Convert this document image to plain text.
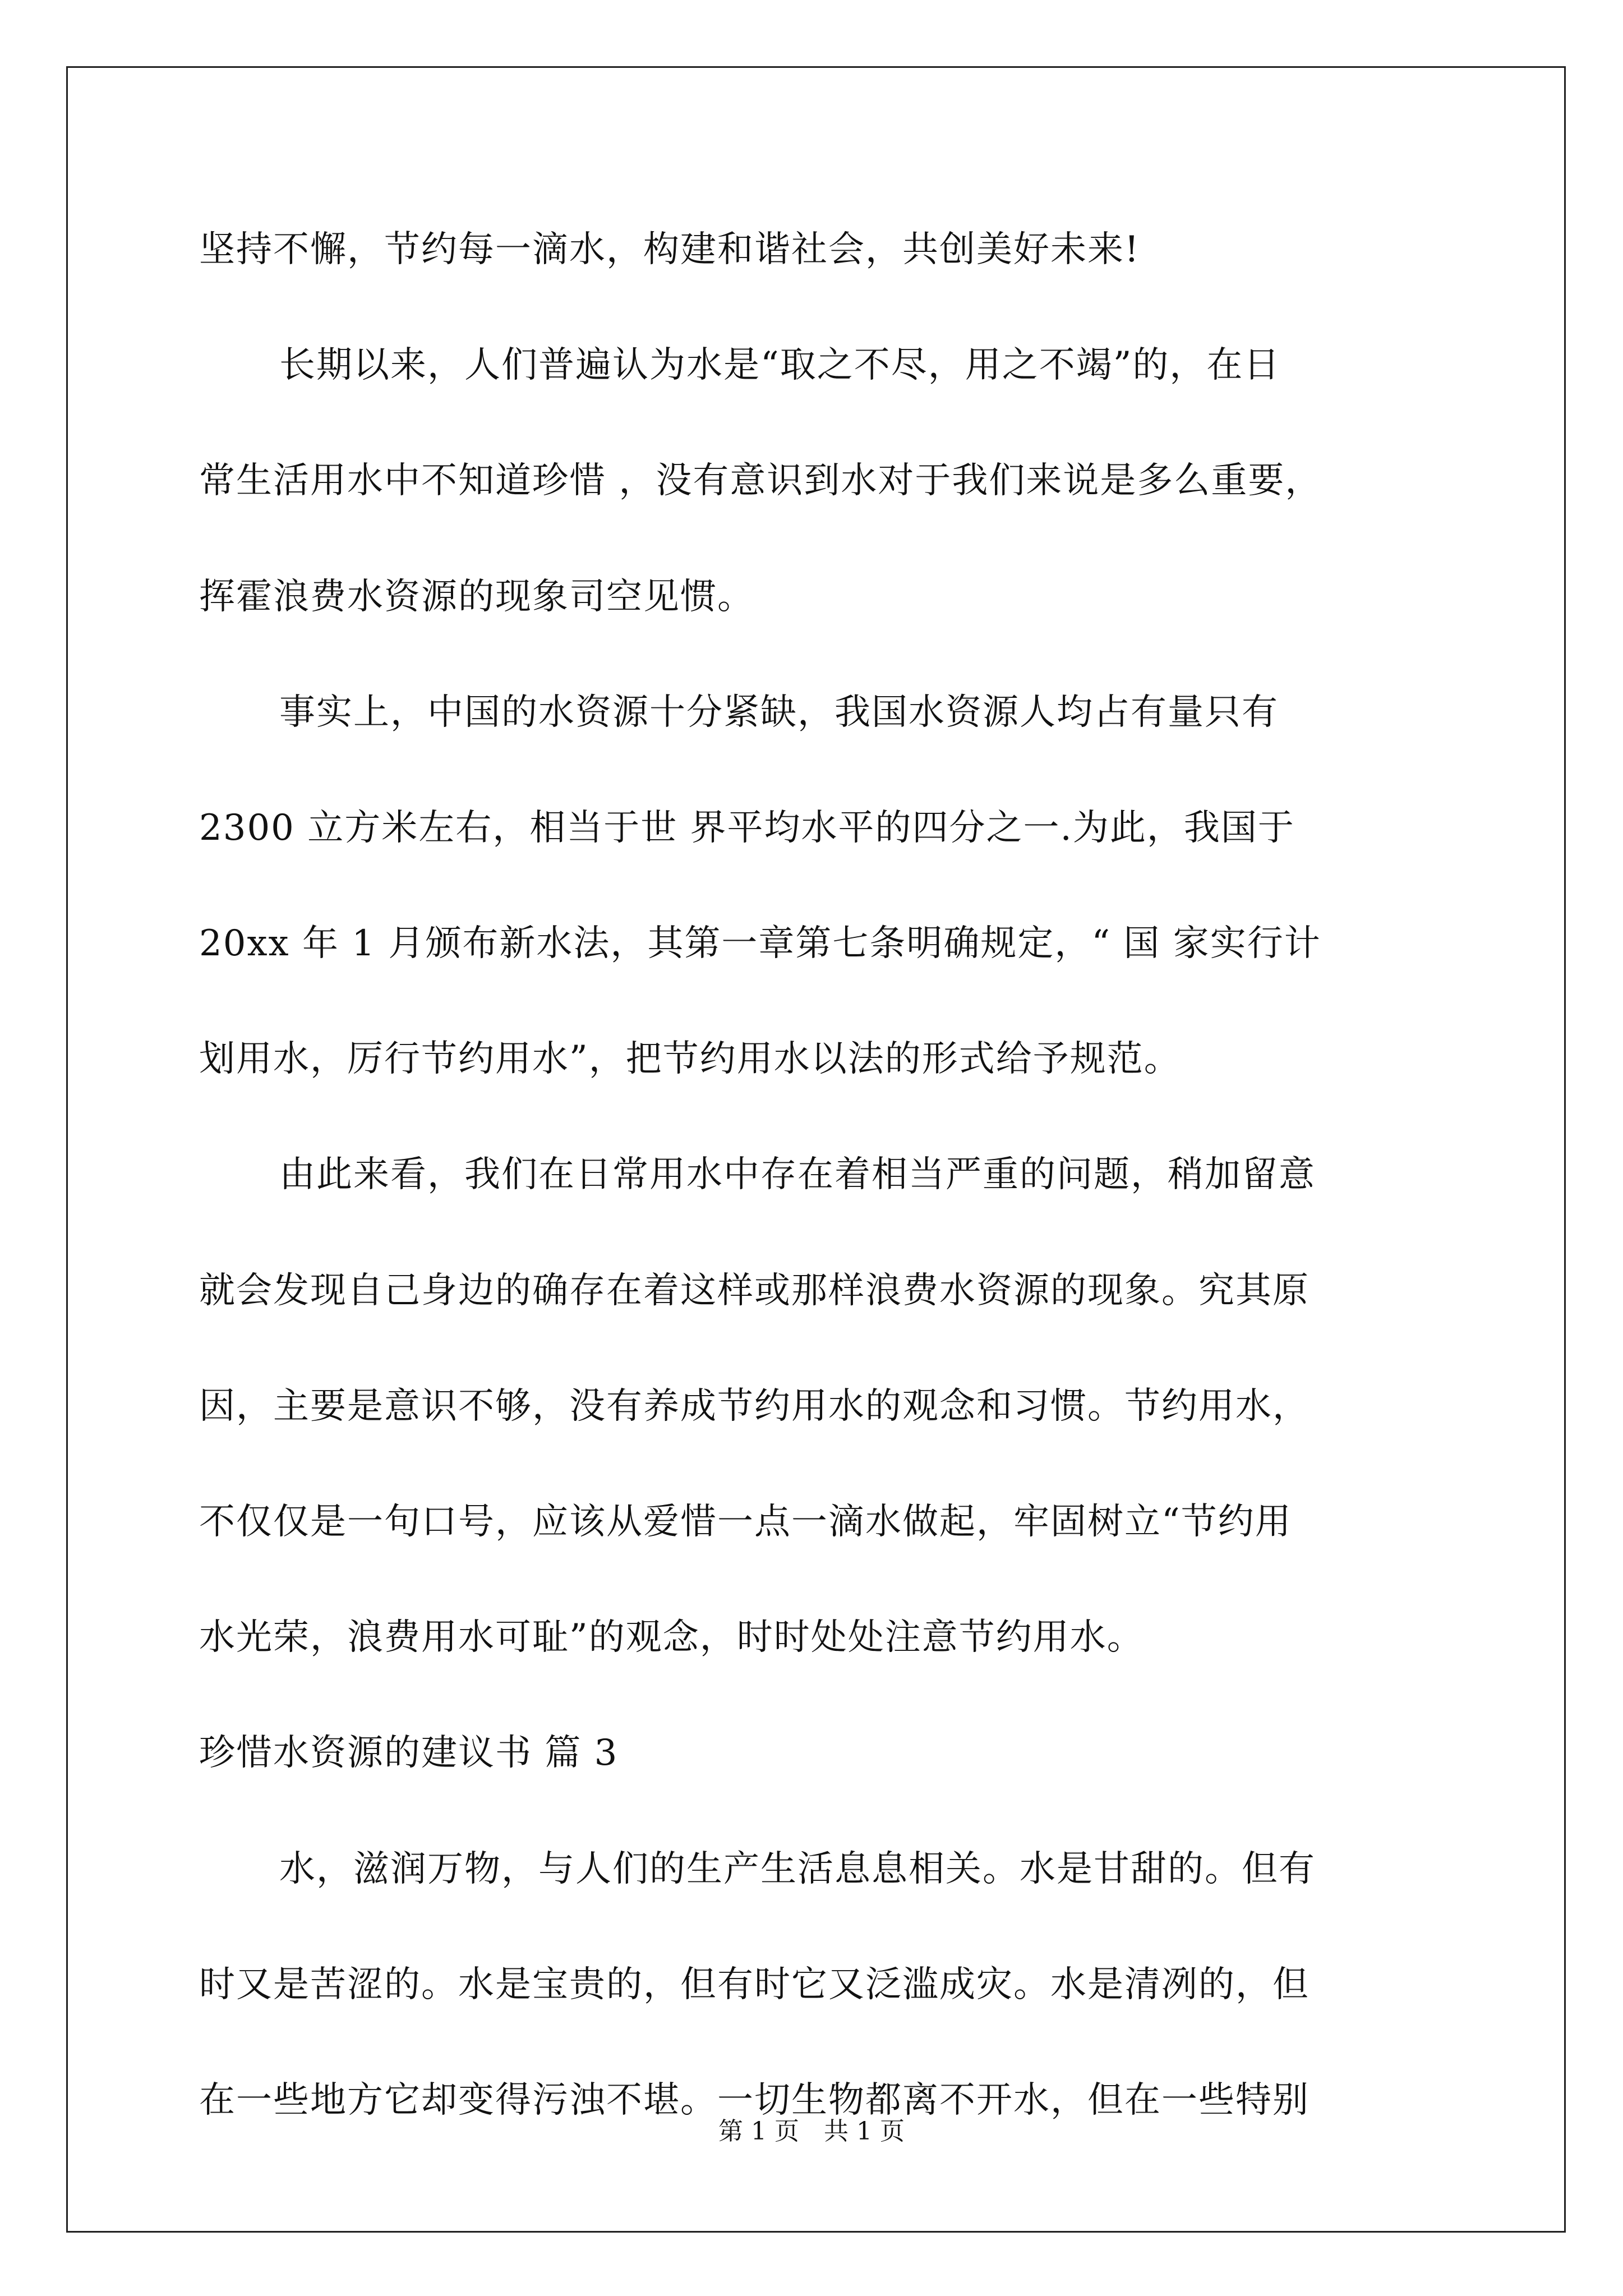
坚持不懈，节约每一滴水，构建和谐社会，共创美好未来!
长期以来，人们普遍认为水是“取之不尽，用之不竭”的，在日
常生活用水中不知道珍惜 ，没有意识到水对于我们来说是多么重要，
挥霍浪费水资源的现象司空见惯。
事实上，中国的水资源十分紧缺，我国水资源人均占有量只有
2300 立方米左右，相当于世 界平均水平的四分之一.为此，我国于
20xx 年 1 月颁布新水法，其第一章第七条明确规定，“ 国 家实行计
划用水，厉行节约用水”，把节约用水以法的形式给予规范。
由此来看，我们在日常用水中存在着相当严重的问题，稍加留意
就会发现自己身边的确存在着这样或那样浪费水资源的现象。究其原
因，主要是意识不够，没有养成节约用水的观念和习惯。节约用水，
不仅仅是一句口号，应该从爱惜一点一滴水做起，牢固树立“节约用
水光荣，浪费用水可耻”的观念，时时处处注意节约用水。
珍惜水资源的建议书 篇 3
水，滋润万物，与人们的生产生活息息相关。水是甘甜的。但有
时又是苦涩的。水是宝贵的，但有时它又泛滥成灾。水是清冽的，但
在一些地方它却变得污浊不堪。一切生物都离不开水，但在一些特别
第 1 页　共 1 页
